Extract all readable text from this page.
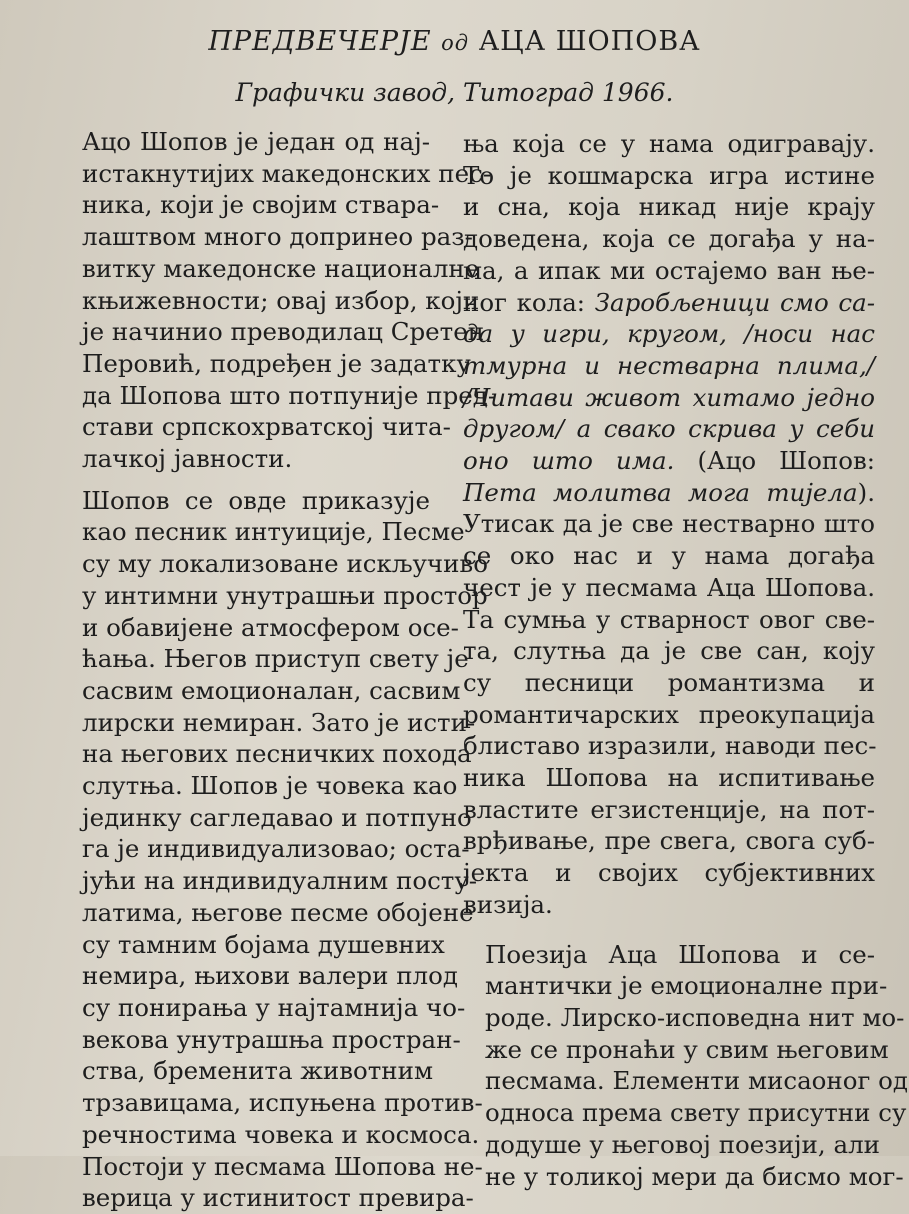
ПРЕДВЕЧЕРЈЕ од АЦА ШОПОВА
Графички завод, Титоград 1966.

Ацо Шопов је један од нај-
истакнутијих македонских пес-
ника, који је својим ствара-
лаштвом много допринео раз-
витку македонске националне
књижевности; овај избор, који
је начинио преводилац Сретен
Перовић, подређен је задатку
да Шопова што потпуније пред-
стави српскохрватској чита-
лачкој јавности.

Шопов се овде приказује
као песник интуиције, Песме
су му локализоване искључиво
у интимни унутрашњи простор
и обавијене атмосфером осе-
ћања. Његов приступ свету је
сасвим емоционалан, сасвим
лирски немиран. Зато је исти-
на његових песничких похода
слутња. Шопов је човека као
јединку сагледавао и потпуно
га је индивидуализовао; оста-
јући на индивидуалним посту-
латима, његове песме обојене
су тамним бојама душевних
немира, њихови валери плод
су понирања у најтамнија чо-
векова унутрашња простран-
ства, бременита животним
трзавицама, испуњена против-
речностима човека и космоса.
Постоји у песмама Шопова не-
верица у истинитост превира-

ња која се у нама одигравају.
То је кошмарска игра истине
и сна, која никад није крају
доведена, која се догађа у на-
ма, а ипак ми остајемо ван ње-
ног кола: Заробљеници смо са-
да у игри, кругом, /носи нас
тмурна и нестварна плима,/
/Читави живот хитамо једно
другом/ а свако скрива у себи
оно што има. (Ацо Шопов:
Пета молитва мога тијела).
Утисак да је све нестварно што
се око нас и у нама догађа
чест је у песмама Аца Шопова.
Та сумња у стварност овог све-
та, слутња да је све сан, коју
су песници романтизма и
романтичарских преокупација
блиставо изразили, наводи пес-
ника Шопова на испитивање
властите егзистенције, на пот-
врђивање, пре свега, свога суб-
јекта и својих субјективних
визија.

Поезија Аца Шопова и се-
мантички је емоционалне при-
роде. Лирско-исповедна нит мо-
же се пронаћи у свим његовим
песмама. Елементи мисаоног од
односа према свету присутни су
додуше у његовој поезији, али
не у толикој мери да бисмо мог-
